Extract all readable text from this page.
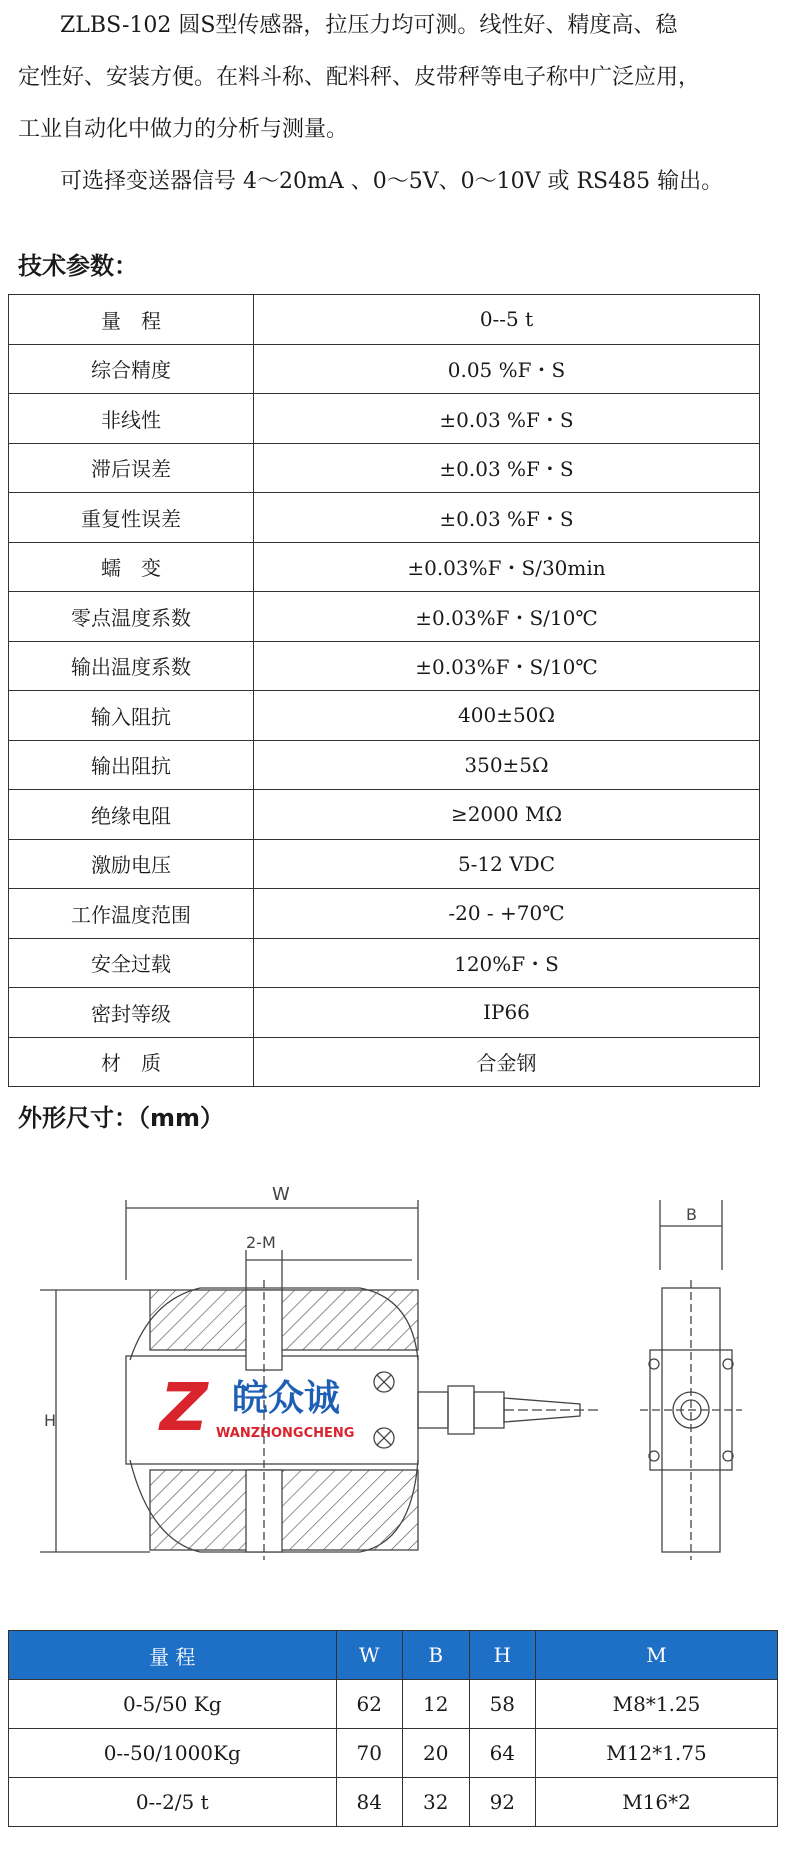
ZLBS-102 圆S型传感器，拉压力均可测。线性好、精度高、稳

定性好、安装方便。在料斗称、配料秤、皮带秤等电子称中广泛应用，

工业自动化中做力的分析与测量。

可选择变送器信号 4～20mA 、0～5V、0～10V 或 RS485 输出。

技术参数：
量　程	0--5 t
综合精度	0.05 %F・S
非线性	±0.03 %F・S
滞后误差	±0.03 %F・S
重复性误差	±0.03 %F・S
蠕　变	±0.03%F・S/30min
零点温度系数	±0.03%F・S/10℃
输出温度系数	±0.03%F・S/10℃
输入阻抗	400±50Ω
输出阻抗	350±5Ω
绝缘电阻	≥2000 MΩ
激励电压	5-12 VDC
工作温度范围	-20 - +70℃
安全过载	120%F・S
密封等级	IP66
材　质	合金钢
外形尺寸：（mm）
W
2-M
H
B
Z 皖众诚
WANZHONGCHENG
量 程	W	B	H	M
0-5/50 Kg	62	12	58	M8*1.25
0--50/1000Kg	70	20	64	M12*1.75
0--2/5 t	84	32	92	M16*2
